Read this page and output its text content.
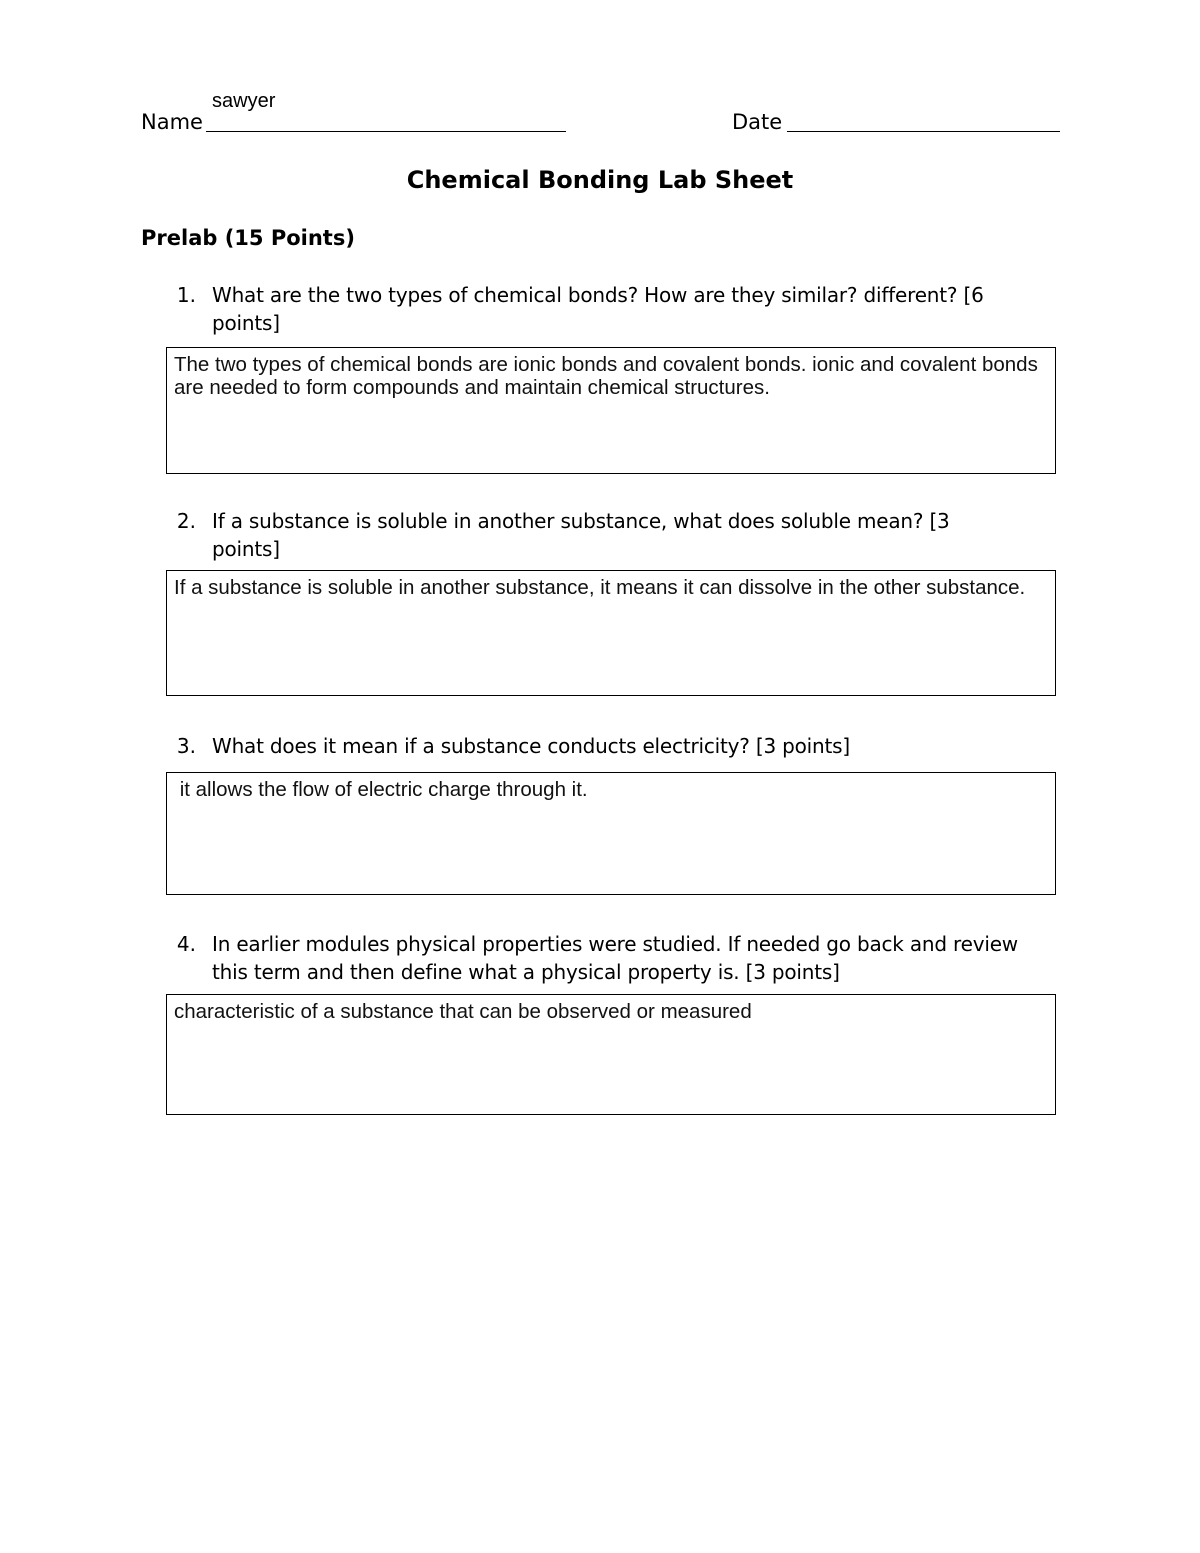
Name
sawyer
Date
Chemical Bonding Lab Sheet
Prelab (15 Points)
1. What are the two types of chemical bonds? How are they similar? different? [6
points]
The two types of chemical bonds are ionic bonds and covalent bonds. ionic and covalent bonds are needed to form compounds and maintain chemical structures.
2. If a substance is soluble in another substance, what does soluble mean? [3
points]
If a substance is soluble in another substance, it means it can dissolve in the other substance.
3. What does it mean if a substance conducts electricity? [3 points]
it allows the flow of electric charge through it.
4. In earlier modules physical properties were studied. If needed go back and review
this term and then define what a physical property is. [3 points]
characteristic of a substance that can be observed or measured
